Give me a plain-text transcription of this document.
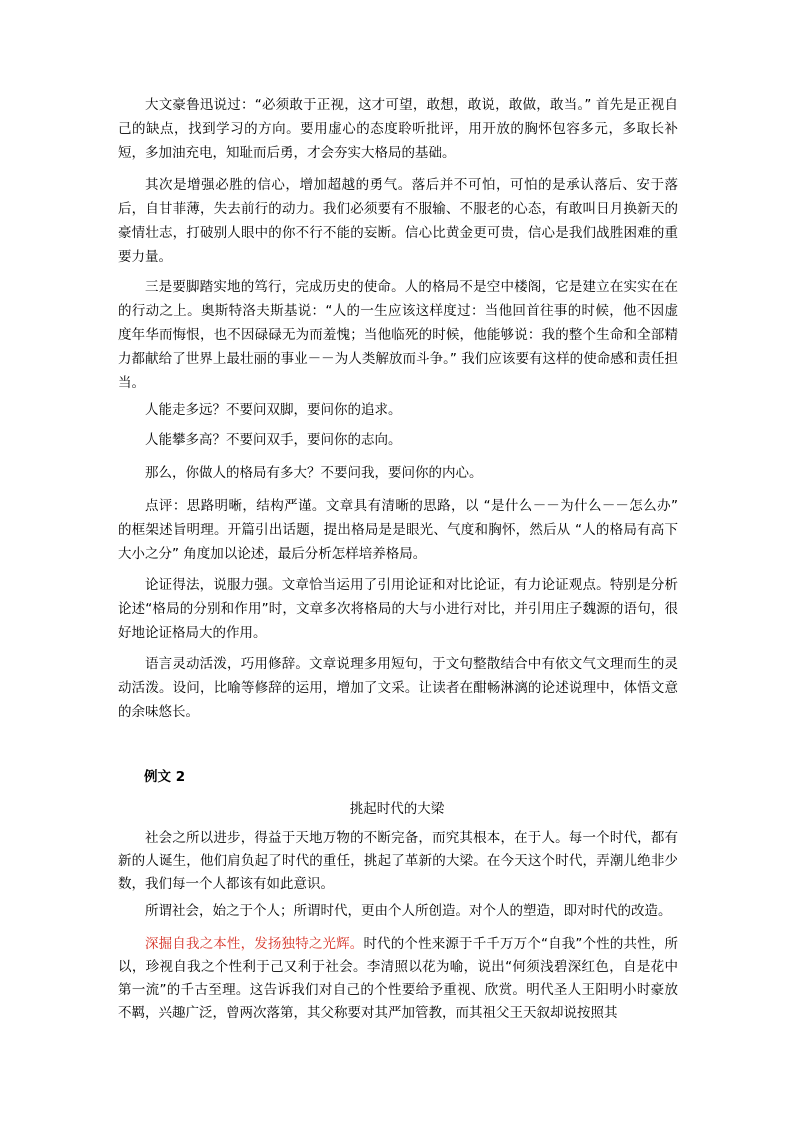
大文豪鲁迅说过：“必须敢于正视，这才可望，敢想，敢说，敢做，敢当。” 首先是正视自己的缺点，找到学习的方向。要用虚心的态度聆听批评，用开放的胸怀包容多元，多取长补短，多加油充电，知耻而后勇，才会夯实大格局的基础。

其次是增强必胜的信心，增加超越的勇气。落后并不可怕，可怕的是承认落后、安于落后，自甘菲薄，失去前行的动力。我们必须要有不服输、不服老的心态，有敢叫日月换新天的豪情壮志，打破别人眼中的你不行不能的妄断。信心比黄金更可贵，信心是我们战胜困难的重要力量。

三是要脚踏实地的笃行，完成历史的使命。人的格局不是空中楼阁，它是建立在实实在在的行动之上。奥斯特洛夫斯基说：“人的一生应该这样度过：当他回首往事的时候，他不因虚度年华而悔恨，也不因碌碌无为而羞愧；当他临死的时候，他能够说：我的整个生命和全部精力都献给了世界上最壮丽的事业－－为人类解放而斗争。” 我们应该要有这样的使命感和责任担当。

人能走多远？不要问双脚，要问你的追求。

人能攀多高？不要问双手，要问你的志向。

那么，你做人的格局有多大？不要问我，要问你的内心。

点评：思路明晰，结构严谨。文章具有清晰的思路，以 “是什么－－为什么－－怎么办” 的框架述旨明理。开篇引出话题，提出格局是是眼光、气度和胸怀，然后从 “人的格局有高下大小之分” 角度加以论述，最后分析怎样培养格局。

论证得法，说服力强。文章恰当运用了引用论证和对比论证，有力论证观点。特别是分析论述“格局的分别和作用”时，文章多次将格局的大与小进行对比，并引用庄子魏源的语句，很好地论证格局大的作用。

语言灵动活泼，巧用修辞。文章说理多用短句，于文句整散结合中有依文气文理而生的灵动活泼。设问，比喻等修辞的运用，增加了文采。让读者在酣畅淋漓的论述说理中，体悟文意的余味悠长。

例文 2

挑起时代的大梁

社会之所以进步，得益于天地万物的不断完备，而究其根本，在于人。每一个时代，都有新的人诞生，他们肩负起了时代的重任，挑起了革新的大梁。在今天这个时代，弄潮儿绝非少数，我们每一个人都该有如此意识。

所谓社会，始之于个人；所谓时代，更由个人所创造。对个人的塑造，即对时代的改造。

深掘自我之本性，发扬独特之光辉。时代的个性来源于千千万万个“自我”个性的共性，所以，珍视自我之个性利于己又利于社会。李清照以花为喻，说出“何须浅碧深红色，自是花中第一流”的千古至理。这告诉我们对自己的个性要给予重视、欣赏。明代圣人王阳明小时豪放不羁，兴趣广泛，曾两次落第，其父称要对其严加管教，而其祖父王天叙却说按照其
